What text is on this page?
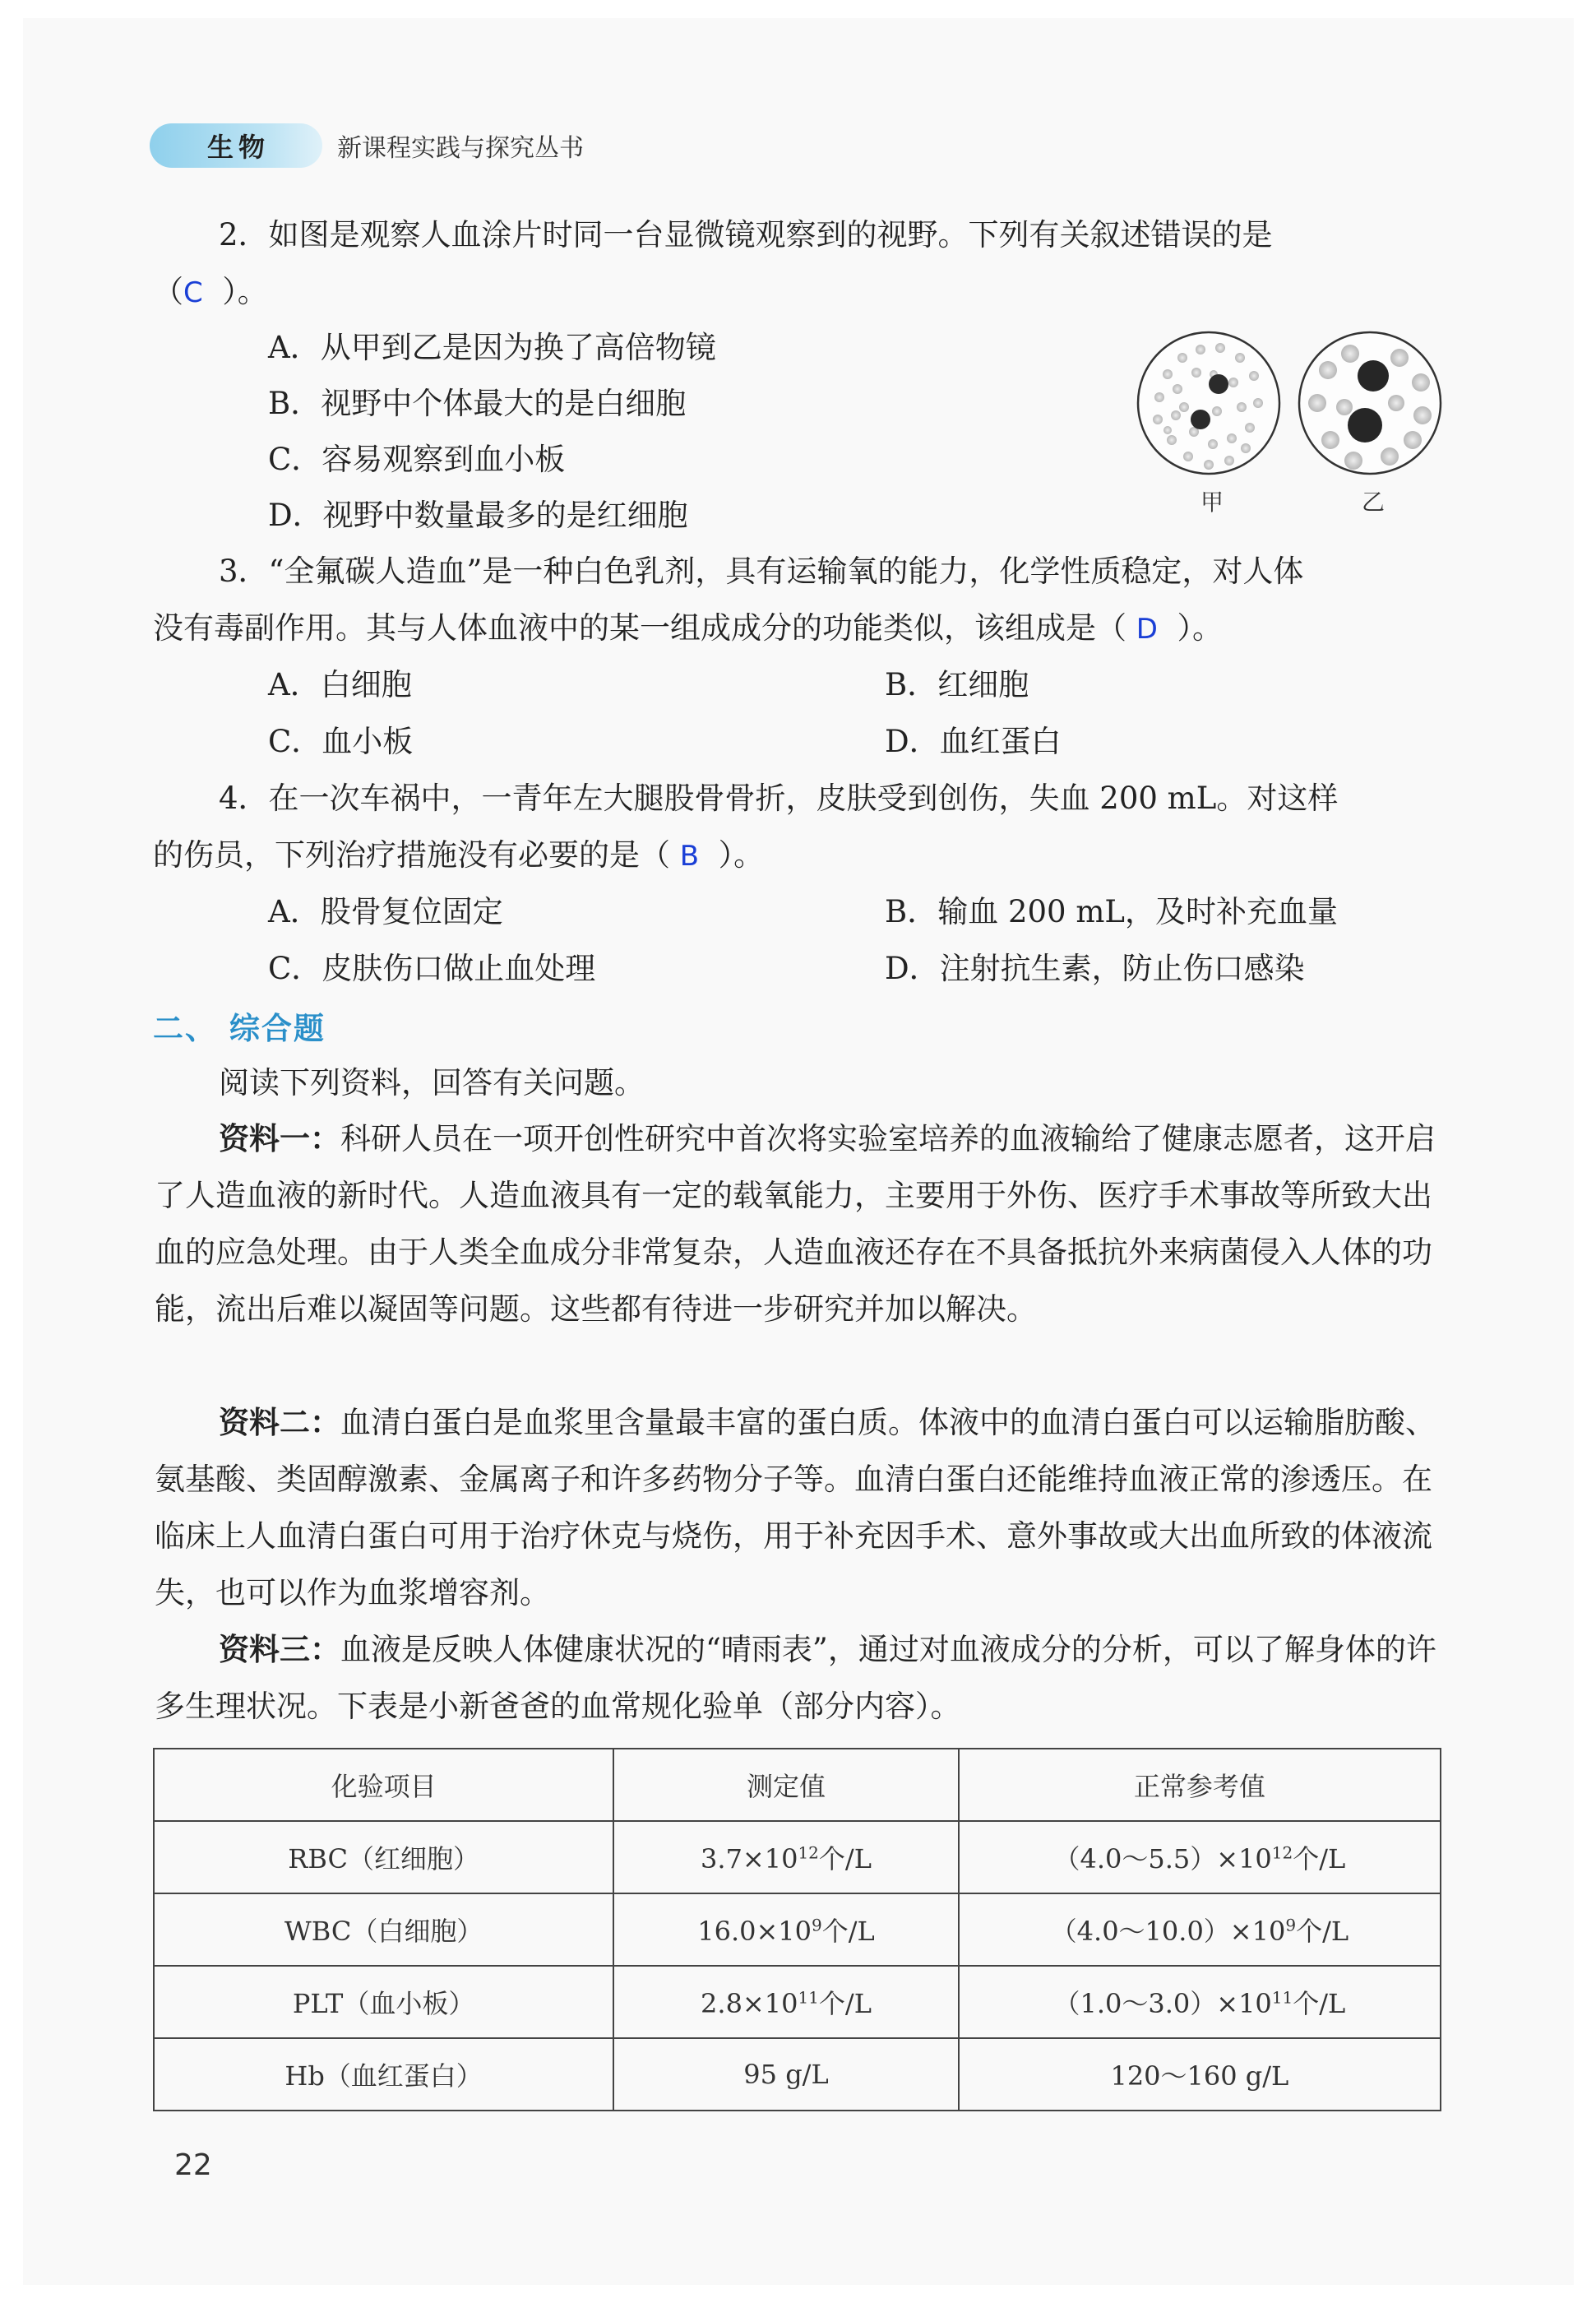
生物	新课程实践与探究丛书
2．如图是观察人血涂片时同一台显微镜观察到的视野。下列有关叙述错误的是
（C ）。
A．从甲到乙是因为换了高倍物镜
B．视野中个体最大的是白细胞
C．容易观察到血小板
D．视野中数量最多的是红细胞	甲	乙
3．“全氟碳人造血”是一种白色乳剂，具有运输氧的能力，化学性质稳定，对人体
没有毒副作用。其与人体血液中的某一组成成分的功能类似，该组成是（ D ）。
A．白细胞	B．红细胞
C．血小板	D．血红蛋白
4．在一次车祸中，一青年左大腿股骨骨折，皮肤受到创伤，失血 200 mL。对这样
的伤员，下列治疗措施没有必要的是（ B ）。
A．股骨复位固定	B．输血 200 mL，及时补充血量
C．皮肤伤口做止血处理	D．注射抗生素，防止伤口感染
二、 综合题
阅读下列资料，回答有关问题。
资料一：科研人员在一项开创性研究中首次将实验室培养的血液输给了健康志愿者，这开启了人造血液的新时代。人造血液具有一定的载氧能力，主要用于外伤、医疗手术事故等所致大出血的应急处理。由于人类全血成分非常复杂，人造血液还存在不具备抵抗外来病菌侵入人体的功能，流出后难以凝固等问题。这些都有待进一步研究并加以解决。
资料二：血清白蛋白是血浆里含量最丰富的蛋白质。体液中的血清白蛋白可以运输脂肪酸、氨基酸、类固醇激素、金属离子和许多药物分子等。血清白蛋白还能维持血液正常的渗透压。在临床上人血清白蛋白可用于治疗休克与烧伤，用于补充因手术、意外事故或大出血所致的体液流失，也可以作为血浆增容剂。
资料三：血液是反映人体健康状况的“晴雨表”，通过对血液成分的分析，可以了解身体的许多生理状况。下表是小新爸爸的血常规化验单（部分内容）。
化验项目	测定值	正常参考值
RBC（红细胞）	$3.7\times 10^{12}$个/L	$(4.0\sim 5.5)\times 10^{12}$个/L
WBC（白细胞）	$16.0\times 10^9$个/L	$(4.0\sim 10.0)\times 10^9$个/L
PLT（血小板）	$2.8\times 10^{11}$个/L	$(1.0\sim 3.0)\times 10^{11}$个/L
Hb（血红蛋白）	95 g/L	120～160 g/L
22
